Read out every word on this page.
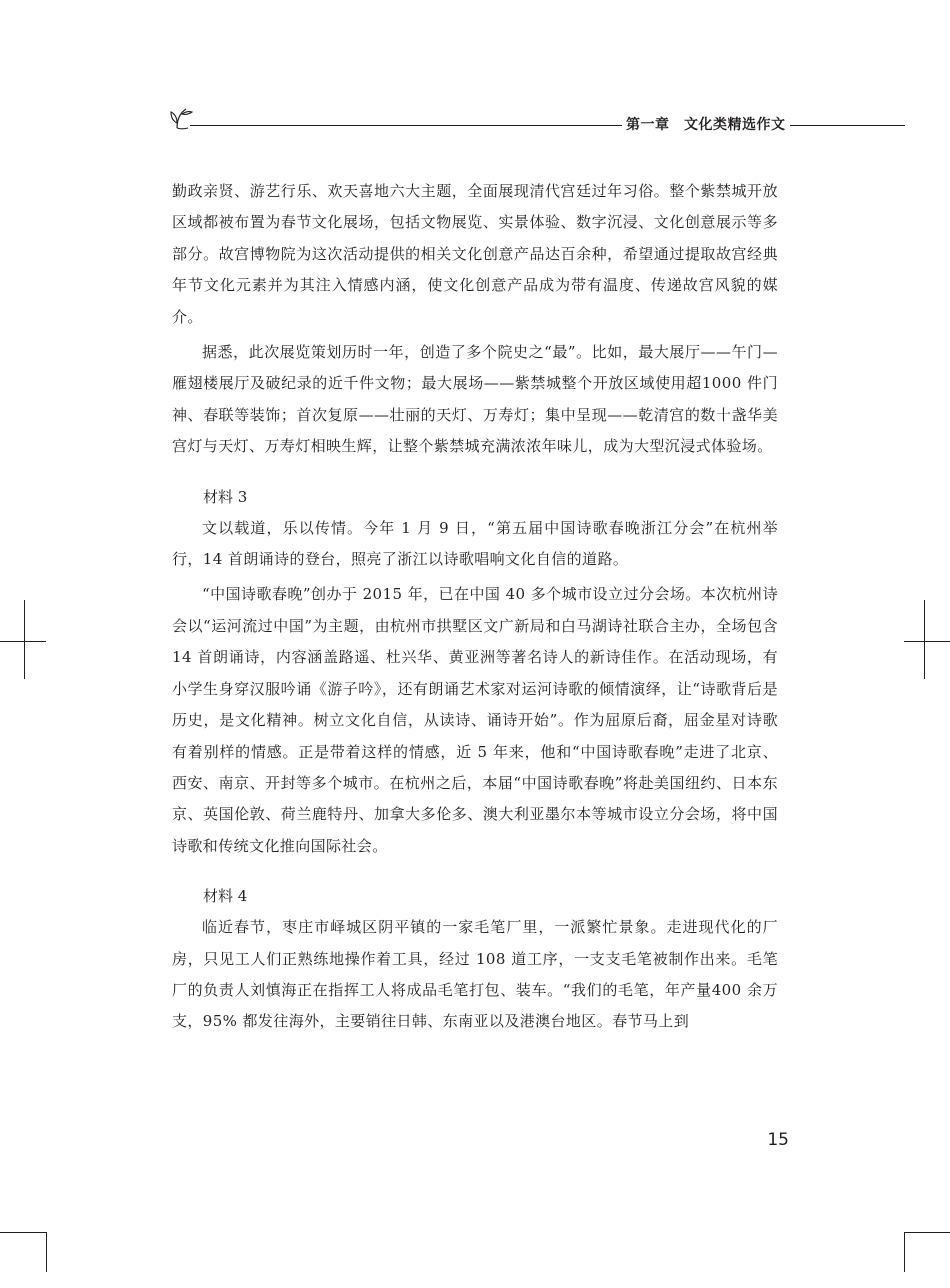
第一章　文化类精选作文

勤政亲贤、游艺行乐、欢天喜地六大主题，全面展现清代宫廷过年习俗。整个紫禁城开放区域都被布置为春节文化展场，包括文物展览、实景体验、数字沉浸、文化创意展示等多部分。故宫博物院为这次活动提供的相关文化创意产品达百余种，希望通过提取故宫经典年节文化元素并为其注入情感内涵，使文化创意产品成为带有温度、传递故宫风貌的媒介。

据悉，此次展览策划历时一年，创造了多个院史之“最”。比如，最大展厅——午门—雁翅楼展厅及破纪录的近千件文物；最大展场——紫禁城整个开放区域使用超1000 件门神、春联等装饰；首次复原——壮丽的天灯、万寿灯；集中呈现——乾清宫的数十盏华美宫灯与天灯、万寿灯相映生辉，让整个紫禁城充满浓浓年味儿，成为大型沉浸式体验场。

材料 3

文以载道，乐以传情。今年 1 月 9 日，“第五届中国诗歌春晚浙江分会”在杭州举行，14 首朗诵诗的登台，照亮了浙江以诗歌唱响文化自信的道路。

“中国诗歌春晚”创办于 2015 年，已在中国 40 多个城市设立过分会场。本次杭州诗会以“运河流过中国”为主题，由杭州市拱墅区文广新局和白马湖诗社联合主办，全场包含 14 首朗诵诗，内容涵盖路遥、杜兴华、黄亚洲等著名诗人的新诗佳作。在活动现场，有小学生身穿汉服吟诵《游子吟》，还有朗诵艺术家对运河诗歌的倾情演绎，让“诗歌背后是历史，是文化精神。树立文化自信，从读诗、诵诗开始”。作为屈原后裔，屈金星对诗歌有着别样的情感。正是带着这样的情感，近 5 年来，他和“中国诗歌春晚”走进了北京、西安、南京、开封等多个城市。在杭州之后，本届“中国诗歌春晚”将赴美国纽约、日本东京、英国伦敦、荷兰鹿特丹、加拿大多伦多、澳大利亚墨尔本等城市设立分会场，将中国诗歌和传统文化推向国际社会。

材料 4

临近春节，枣庄市峄城区阴平镇的一家毛笔厂里，一派繁忙景象。走进现代化的厂房，只见工人们正熟练地操作着工具，经过 108 道工序，一支支毛笔被制作出来。毛笔厂的负责人刘慎海正在指挥工人将成品毛笔打包、装车。“我们的毛笔，年产量400 余万支，95% 都发往海外，主要销往日韩、东南亚以及港澳台地区。春节马上到

15
